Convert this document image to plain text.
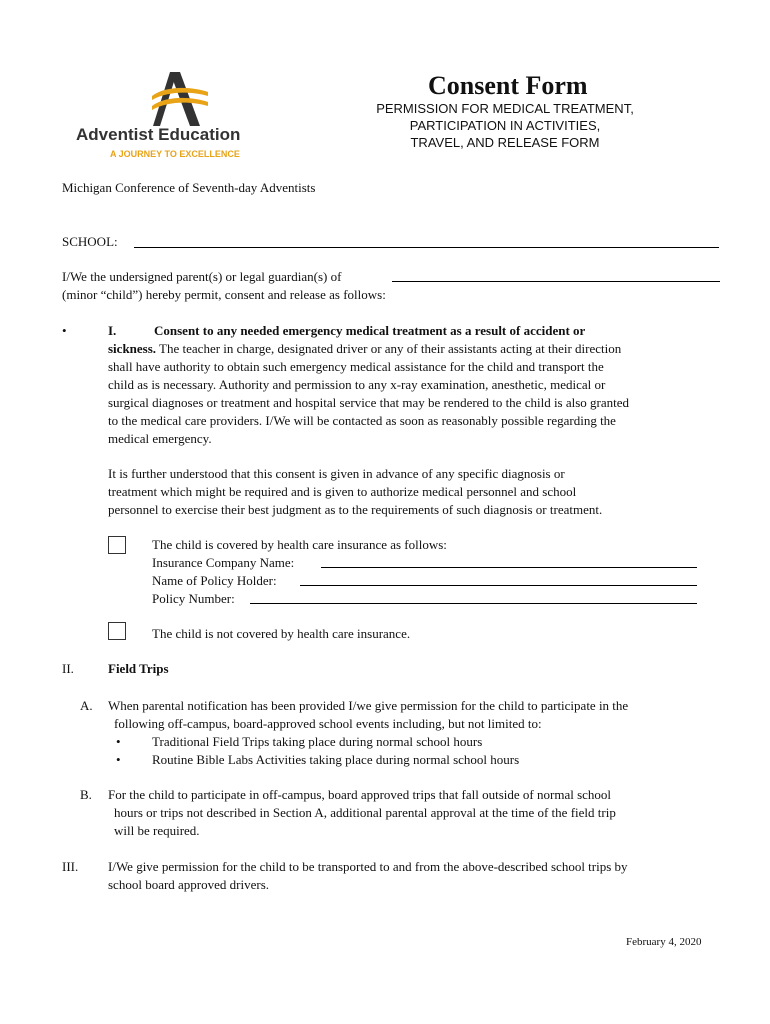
Adventist Education
A JOURNEY TO EXCELLENCE
Consent Form
PERMISSION FOR MEDICAL TREATMENT,
PARTICIPATION IN ACTIVITIES,
TRAVEL, AND RELEASE FORM
Michigan Conference of Seventh-day Adventists
SCHOOL:
I/We the undersigned parent(s) or legal guardian(s) of
(minor “child”) hereby permit, consent and release as follows:
•	I.	Consent to any needed emergency medical treatment as a result of accident or
sickness. The teacher in charge, designated driver or any of their assistants acting at their direction
shall have authority to obtain such emergency medical assistance for the child and transport the
child as is necessary. Authority and permission to any x-ray examination, anesthetic, medical or
surgical diagnoses or treatment and hospital service that may be rendered to the child is also granted
to the medical care providers. I/We will be contacted as soon as reasonably possible regarding the
medical emergency.
It is further understood that this consent is given in advance of any specific diagnosis or
treatment which might be required and is given to authorize medical personnel and school
personnel to exercise their best judgment as to the requirements of such diagnosis or treatment.
The child is covered by health care insurance as follows:
Insurance Company Name:
Name of Policy Holder:
Policy Number:
The child is not covered by health care insurance.
II.	Field Trips
A. When parental notification has been provided I/we give permission for the child to participate in the
following off-campus, board-approved school events including, but not limited to:
• Traditional Field Trips taking place during normal school hours
• Routine Bible Labs Activities taking place during normal school hours
B. For the child to participate in off-campus, board approved trips that fall outside of normal school
hours or trips not described in Section A, additional parental approval at the time of the field trip
will be required.
III. I/We give permission for the child to be transported to and from the above-described school trips by
school board approved drivers.
February 4, 2020
